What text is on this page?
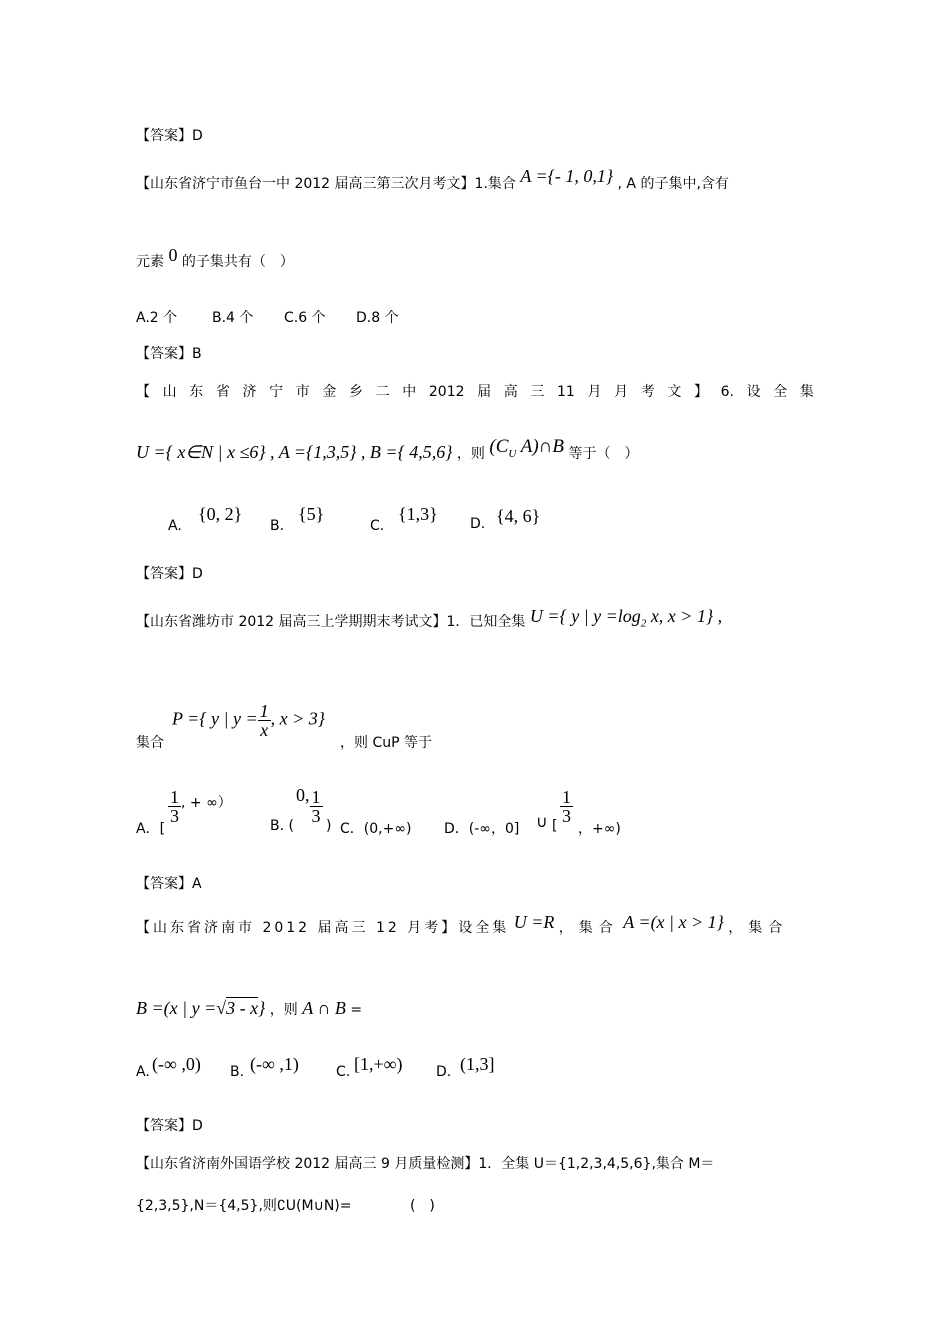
【答案】D
【山东省济宁市鱼台一中 2012 届高三第三次月考文】1.集合 A ={- 1, 0,1} , A 的子集中,含有
元素 0 的子集共有（　）
A.2 个 B.4 个 C.6 个 D.8 个
【答案】B
【 山 东 省 济 宁 市 金 乡 二 中 2012 届 高 三 11 月 月 考 文 】 6. 设 全 集
U ={ x∈N | x ≤6} , A ={1,3,5} , B ={ 4,5,6} ，则 ($C_U$ A)∩B 等于（　）
A.
{0, 2}
B.
{5}
C.
{1,3} D. {4, 6}
【答案】D
【山东省潍坊市 2012 届高三上学期期末考试文】1．已知全集 U ={ y | $y =\log_2$ x, x > 1} ,
集合
P ={ y | $y = \frac{1}{x}$ , x > 3}
，则 CuP 等于
A．[
$\frac{1}{3}$ , + ∞）
B. (
0, $\frac{1}{3}$
) C．(0,+∞) D．(-∞，0] ∪ [
$\frac{1}{3}$
，+∞)
【答案】A
【山东省济南市 2012 届高三 12 月考】设全集 U =R ，集合 A =(x | x > 1} ，集合
B =(x | y =√3 - x} ，则 A ∩ B =
A. (-∞ ,0) B. (-∞ ,1)	C. [1,+∞) D. (1,3]
【答案】D
【山东省济南外国语学校 2012 届高三 9 月质量检测】1．全集 U＝{1,2,3,4,5,6},集合 M＝
{2,3,5},N＝{4,5},则∁U(M∪N)=	(　)
